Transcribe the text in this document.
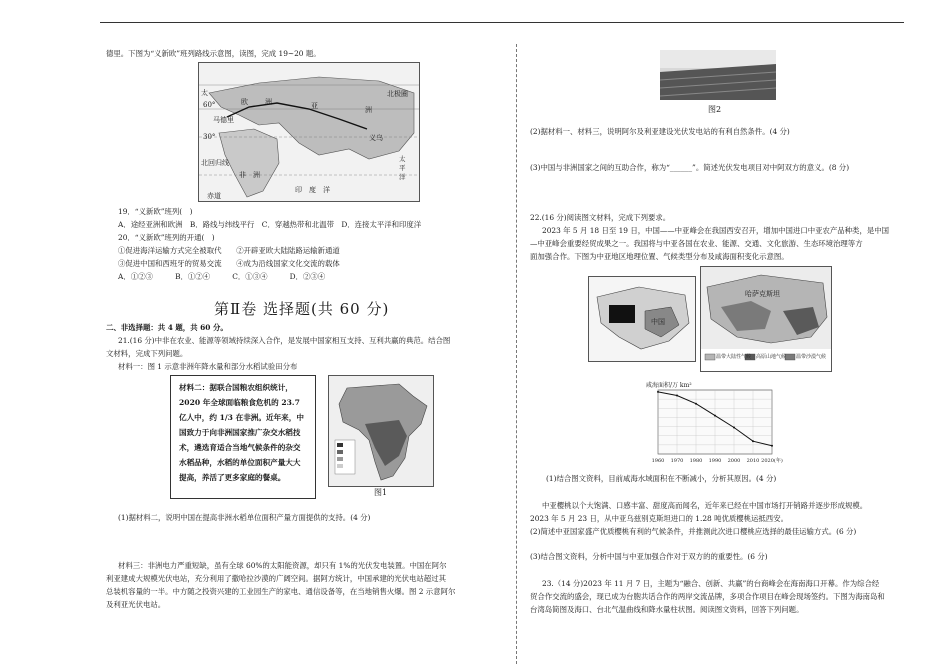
德里。下图为“义新欧”班列路线示意图，读图，完成 19~20 题。
北极圈
太
60°
30°
欧 洲	亚	洲
马德里
义乌
北回归线
非　洲
印　度　洋
太平洋
赤道
19．“义新欧”班列(　)
A．途经亚洲和欧洲　B．路线与纬线平行　C．穿越热带和北温带　D．连接太平洋和印度洋
20．“义新欧”班列的开通(　)
①促进海洋运输方式完全被取代　　②开辟亚欧大陆陆路运输新通道
③促进中国和西班牙的贸易交流　　④成为沿线国家文化交流的载体
A．①②③　　　B．①②④　　　C．①③④　　　D．②③④
第Ⅱ卷 选择题(共 60 分)
二、非选择题：共 4 题，共 60 分。
21.(16 分)中非在农业、能源等领域持续深入合作，是发展中国家相互支持、互利共赢的典范。结合图
文材料，完成下列问题。
材料一：图 1 示意非洲年降水量和部分水稻试验田分布
材料二：据联合国粮农组织统计，2020 年全球面临粮食危机的 23.7 亿人中，约 1/3 在非洲。近年来，中国致力于向非洲国家推广杂交水稻技术，遴选育适合当地气候条件的杂交水稻品种，水稻的单位面积产量大大提高，养活了更多家庭的餐桌。
图1
(1)据材料二，说明中国在提高非洲水稻单位面积产量方面提供的支持。(4 分)
材料三：非洲电力严重短缺，虽有全球 60%的太阳能资源，却只有 1%的光伏发电装置。中国在阿尔
利亚建成大规模光伏电站，充分利用了撒哈拉沙漠的广阔空间。据阿方统计，中国承建的光伏电站超过其
总装机容量的一半。中方随之投资兴建的工业园生产的家电、通信设备等，在当地销售火爆。图 2 示意阿尔
及利亚光伏电站。
图2
(2)据材料一、材料三，说明阿尔及利亚建设光伏发电站的有利自然条件。(4 分)
(3)中国与非洲国家之间的互助合作，称为“______”。简述光伏发电项目对中阿双方的意义。(8 分)
22.(16 分)阅读图文材料，完成下列要求。
2023 年 5 月 18 日至 19 日，中国——中亚峰会在我国西安召开，增加中国进口中亚农产品种类，是中国
—中亚峰会重要经贸成果之一。我国将与中亚各国在农业、能源、交通、文化旅游、生态环境治理等方
面加强合作。下图为中亚地区地理位置、气候类型分布及咸海面积变化示意图。
中国
哈萨克斯坦
温带大陆性气候 高原山地气候 温带沙漠气候
咸海面积/万 km²
1960 1970 1980 1990 2000 2010 2020(年)
(1)结合图文资料，目前咸海水域面积在不断减小，分析其原因。(4 分)
中亚樱桃以个大饱满、口感丰富、甜度高而闻名，近年来已经在中国市场打开销路并逐步形成规模。
2023 年 5 月 23 日，从中亚乌兹别克斯坦进口的 1.28 吨优质樱桃运抵西安。
(2)简述中亚国家盛产优质樱桃有利的气候条件，并推测此次进口樱桃应选择的最佳运输方式。(6 分)
(3)结合图文资料，分析中国与中亚加强合作对于双方的的重要性。(6 分)
23.（14 分)2023 年 11 月 7 日，主题为“融合、创新、共赢”的台商峰会在海南海口开幕。作为综合经
贸合作交流的盛会，现已成为台胞共话合作的两岸交流品牌，多项合作项目在峰会现场签约。下图为海南岛和
台湾岛简图及海口、台北气温曲线和降水量柱状图。阅读图文资料，回答下列问题。
